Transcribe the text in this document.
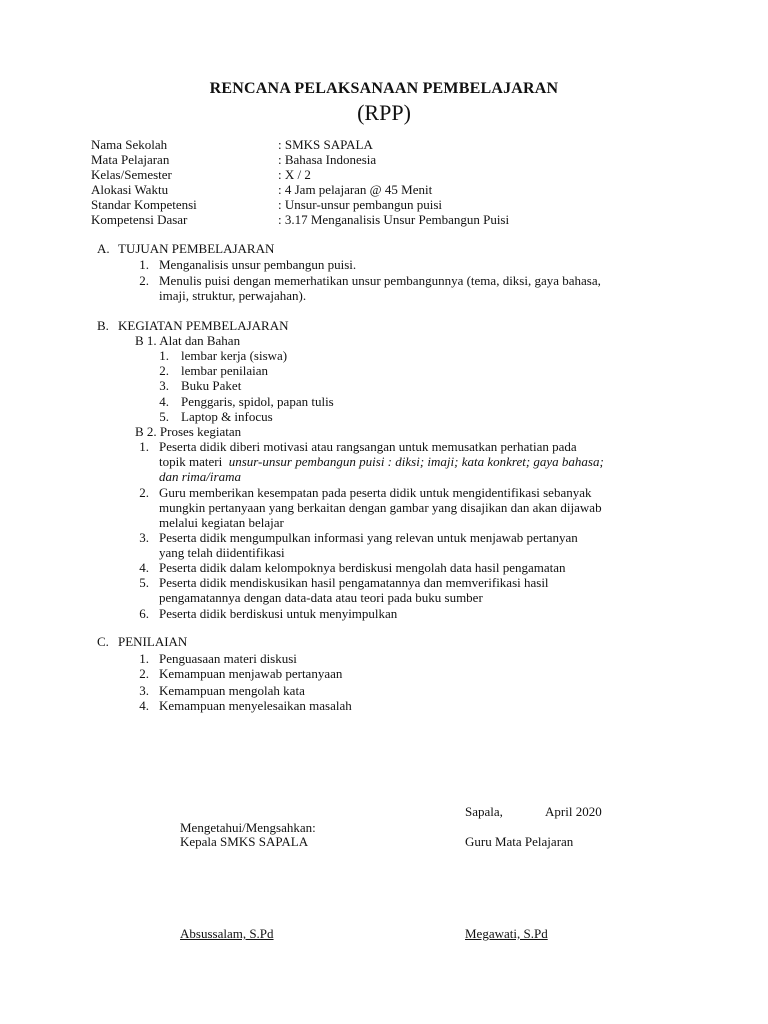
RENCANA PELAKSANAAN PEMBELAJARAN
(RPP)
Nama Sekolah	: SMKS SAPALA
Mata Pelajaran	: Bahasa Indonesia
Kelas/Semester	: X / 2
Alokasi Waktu	: 4 Jam pelajaran @ 45 Menit
Standar Kompetensi	: Unsur-unsur pembangun puisi
Kompetensi Dasar	: 3.17 Menganalisis Unsur Pembangun Puisi
A. TUJUAN PEMBELAJARAN
1. Menganalisis unsur pembangun puisi.
2. Menulis puisi dengan memerhatikan unsur pembangunnya (tema, diksi, gaya bahasa,
imaji, struktur, perwajahan).
B. KEGIATAN PEMBELAJARAN
B 1. Alat dan Bahan
1. lembar kerja (siswa)
2. lembar penilaian
3. Buku Paket
4. Penggaris, spidol, papan tulis
5. Laptop & infocus
B 2. Proses kegiatan
1. Peserta didik diberi motivasi atau rangsangan untuk memusatkan perhatian pada
topik materi  unsur-unsur pembangun puisi : diksi; imaji; kata konkret; gaya bahasa;
dan rima/irama
2. Guru memberikan kesempatan pada peserta didik untuk mengidentifikasi sebanyak
mungkin pertanyaan yang berkaitan dengan gambar yang disajikan dan akan dijawab
melalui kegiatan belajar
3. Peserta didik mengumpulkan informasi yang relevan untuk menjawab pertanyan
yang telah diidentifikasi
4. Peserta didik dalam kelompoknya berdiskusi mengolah data hasil pengamatan
5. Peserta didik mendiskusikan hasil pengamatannya dan memverifikasi hasil
pengamatannya dengan data-data atau teori pada buku sumber
6. Peserta didik berdiskusi untuk menyimpulkan
C. PENILAIAN
1. Penguasaan materi diskusi
2. Kemampuan menjawab pertanyaan
3. Kemampuan mengolah kata
4. Kemampuan menyelesaikan masalah
Sapala,	April 2020
Mengetahui/Mengsahkan:
Kepala SMKS SAPALA	Guru Mata Pelajaran
Absussalam, S.Pd	Megawati, S.Pd
